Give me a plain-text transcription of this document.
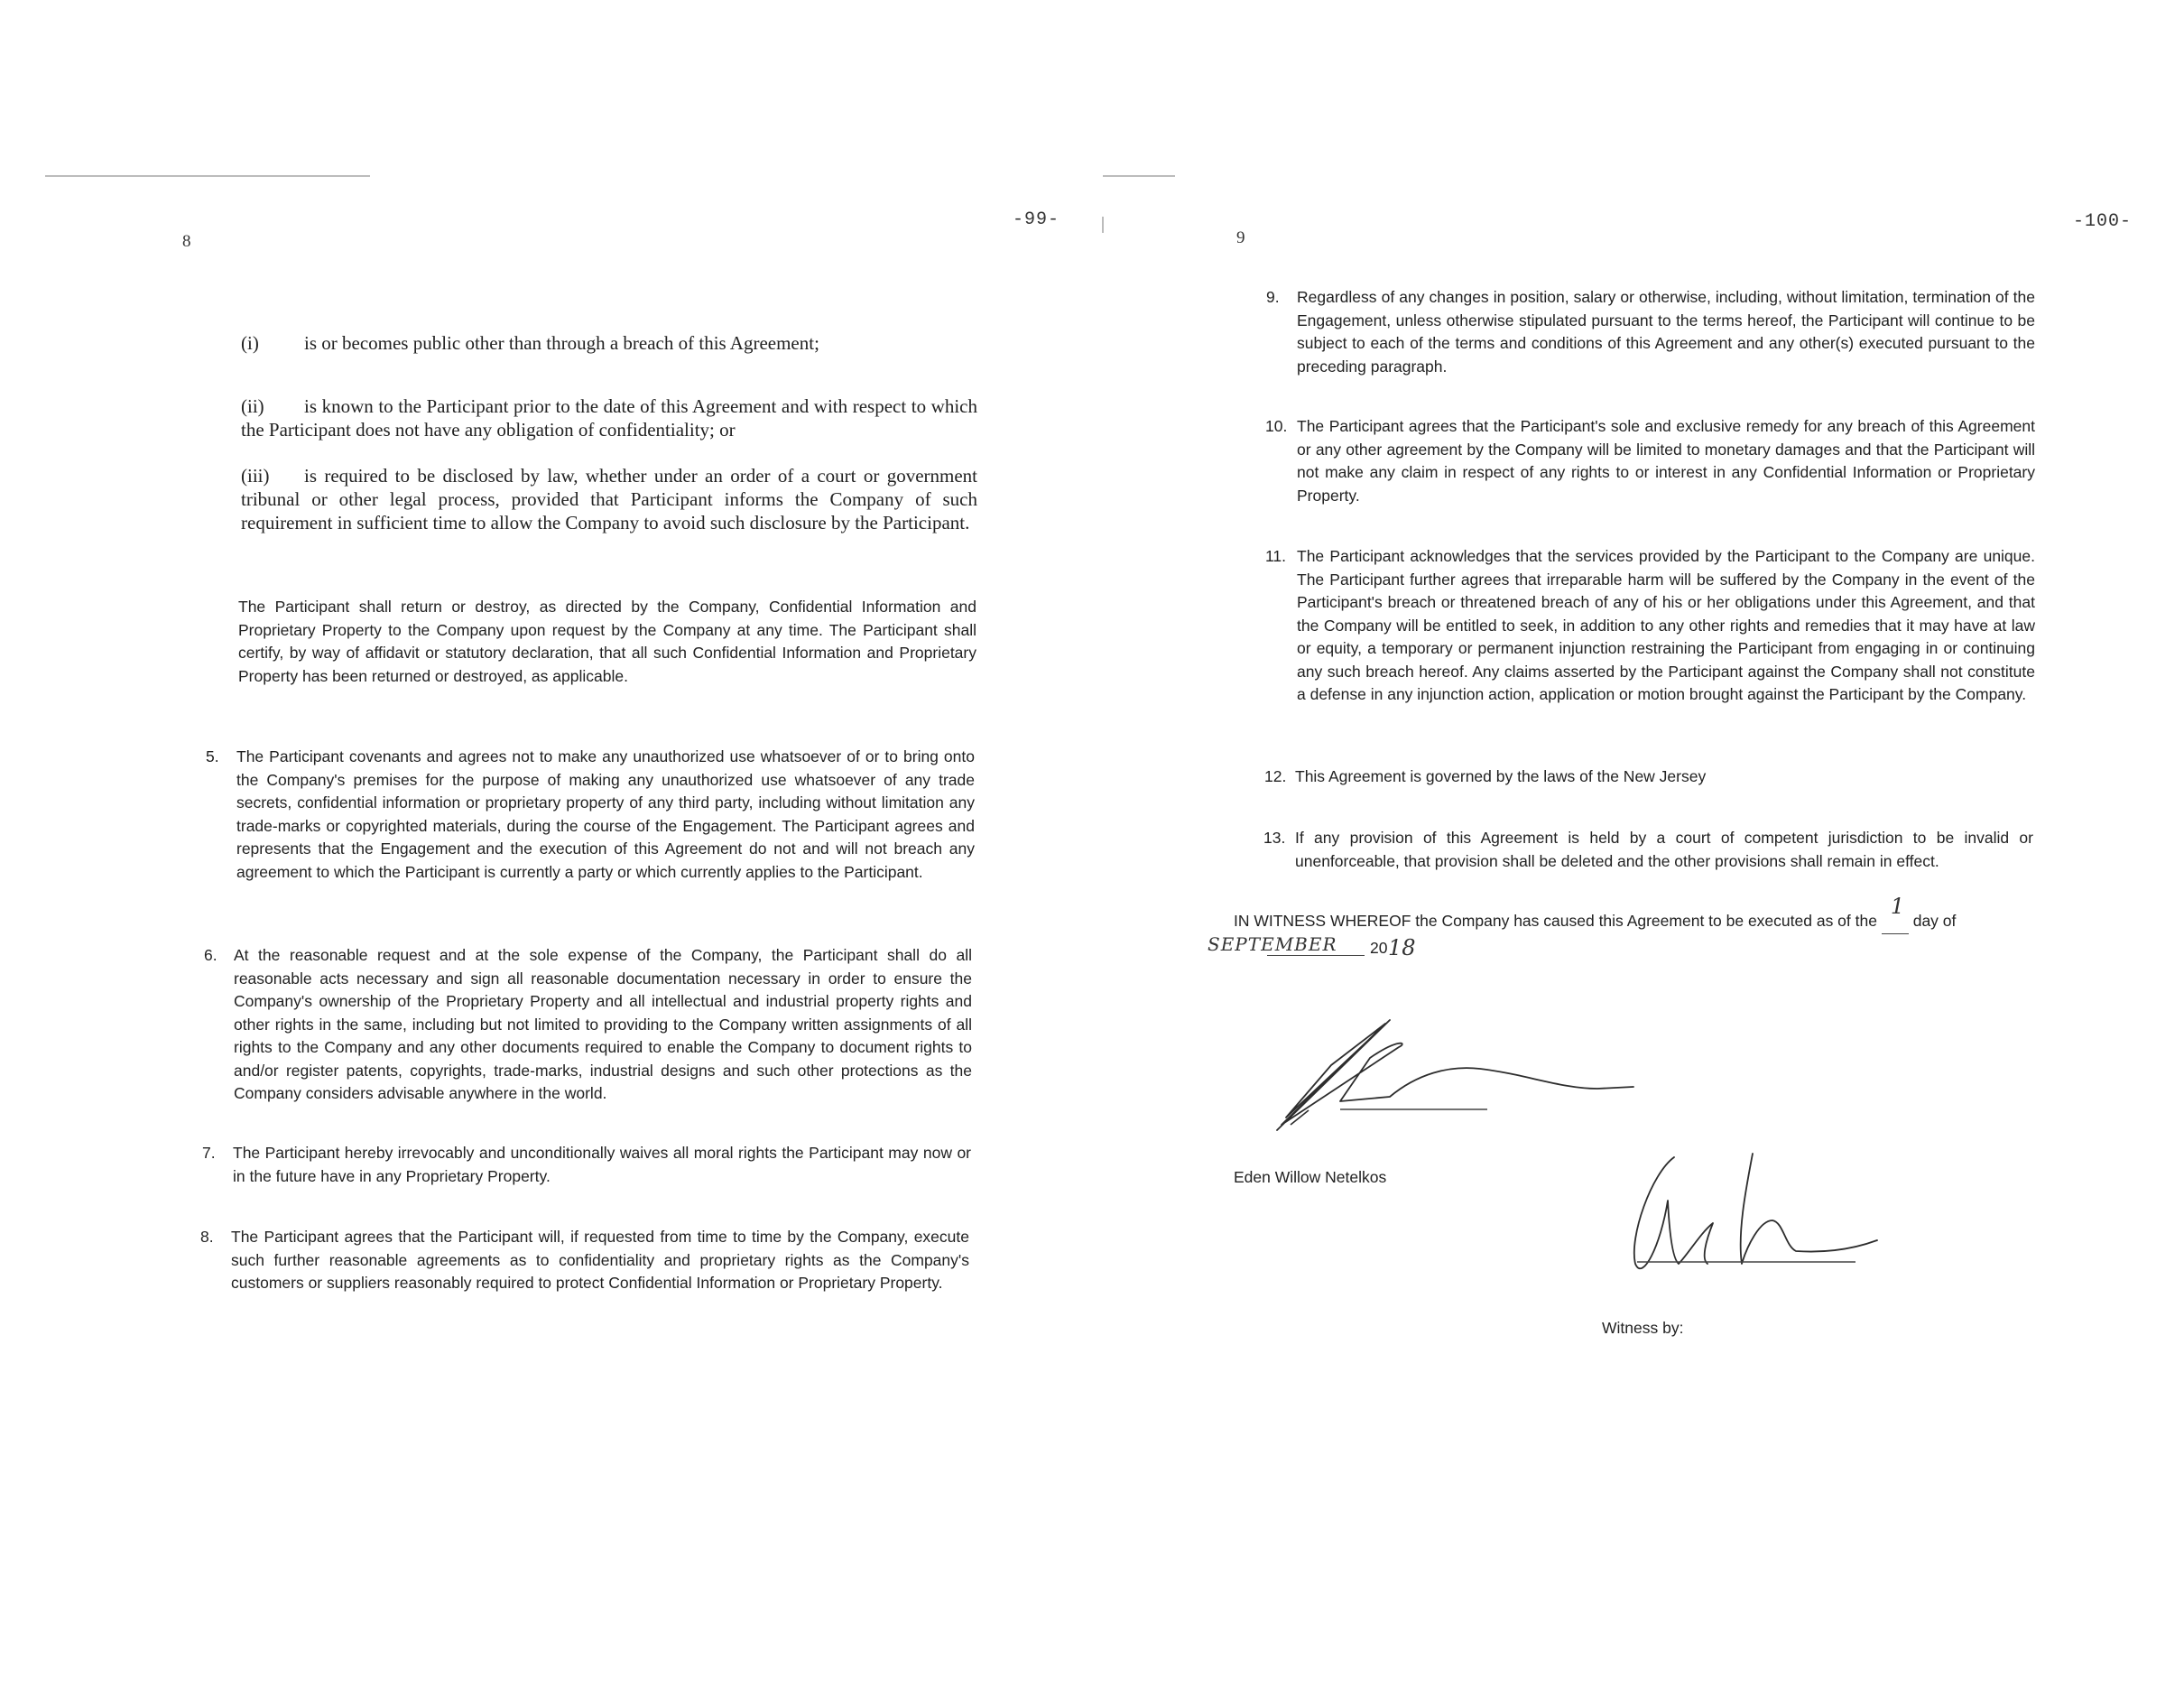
8
-99-
(i) is or becomes public other than through a breach of this Agreement;
(ii) is known to the Participant prior to the date of this Agreement and with respect to which the Participant does not have any obligation of confidentiality; or
(iii) is required to be disclosed by law, whether under an order of a court or government tribunal or other legal process, provided that Participant informs the Company of such requirement in sufficient time to allow the Company to avoid such disclosure by the Participant.
The Participant shall return or destroy, as directed by the Company, Confidential Information and Proprietary Property to the Company upon request by the Company at any time. The Participant shall certify, by way of affidavit or statutory declaration, that all such Confidential Information and Proprietary Property has been returned or destroyed, as applicable.
5. The Participant covenants and agrees not to make any unauthorized use whatsoever of or to bring onto the Company's premises for the purpose of making any unauthorized use whatsoever of any trade secrets, confidential information or proprietary property of any third party, including without limitation any trade-marks or copyrighted materials, during the course of the Engagement. The Participant agrees and represents that the Engagement and the execution of this Agreement do not and will not breach any agreement to which the Participant is currently a party or which currently applies to the Participant.
6. At the reasonable request and at the sole expense of the Company, the Participant shall do all reasonable acts necessary and sign all reasonable documentation necessary in order to ensure the Company's ownership of the Proprietary Property and all intellectual and industrial property rights and other rights in the same, including but not limited to providing to the Company written assignments of all rights to the Company and any other documents required to enable the Company to document rights to and/or register patents, copyrights, trade-marks, industrial designs and such other protections as the Company considers advisable anywhere in the world.
7. The Participant hereby irrevocably and unconditionally waives all moral rights the Participant may now or in the future have in any Proprietary Property.
8. The Participant agrees that the Participant will, if requested from time to time by the Company, execute such further reasonable agreements as to confidentiality and proprietary rights as the Company's customers or suppliers reasonably required to protect Confidential Information or Proprietary Property.
9
-100-
9. Regardless of any changes in position, salary or otherwise, including, without limitation, termination of the Engagement, unless otherwise stipulated pursuant to the terms hereof, the Participant will continue to be subject to each of the terms and conditions of this Agreement and any other(s) executed pursuant to the preceding paragraph.
10. The Participant agrees that the Participant's sole and exclusive remedy for any breach of this Agreement or any other agreement by the Company will be limited to monetary damages and that the Participant will not make any claim in respect of any rights to or interest in any Confidential Information or Proprietary Property.
11. The Participant acknowledges that the services provided by the Participant to the Company are unique. The Participant further agrees that irreparable harm will be suffered by the Company in the event of the Participant's breach or threatened breach of any of his or her obligations under this Agreement, and that the Company will be entitled to seek, in addition to any other rights and remedies that it may have at law or equity, a temporary or permanent injunction restraining the Participant from engaging in or continuing any such breach hereof. Any claims asserted by the Participant against the Company shall not constitute a defense in any injunction action, application or motion brought against the Participant by the Company.
12. This Agreement is governed by the laws of the New Jersey
13. If any provision of this Agreement is held by a court of competent jurisdiction to be invalid or unenforceable, that provision shall be deleted and the other provisions shall remain in effect.
IN WITNESS WHEREOF the Company has caused this Agreement to be executed as of the
1
day of
SEPTEMBER 20 18
Eden Willow Netelkos
Witness by:
